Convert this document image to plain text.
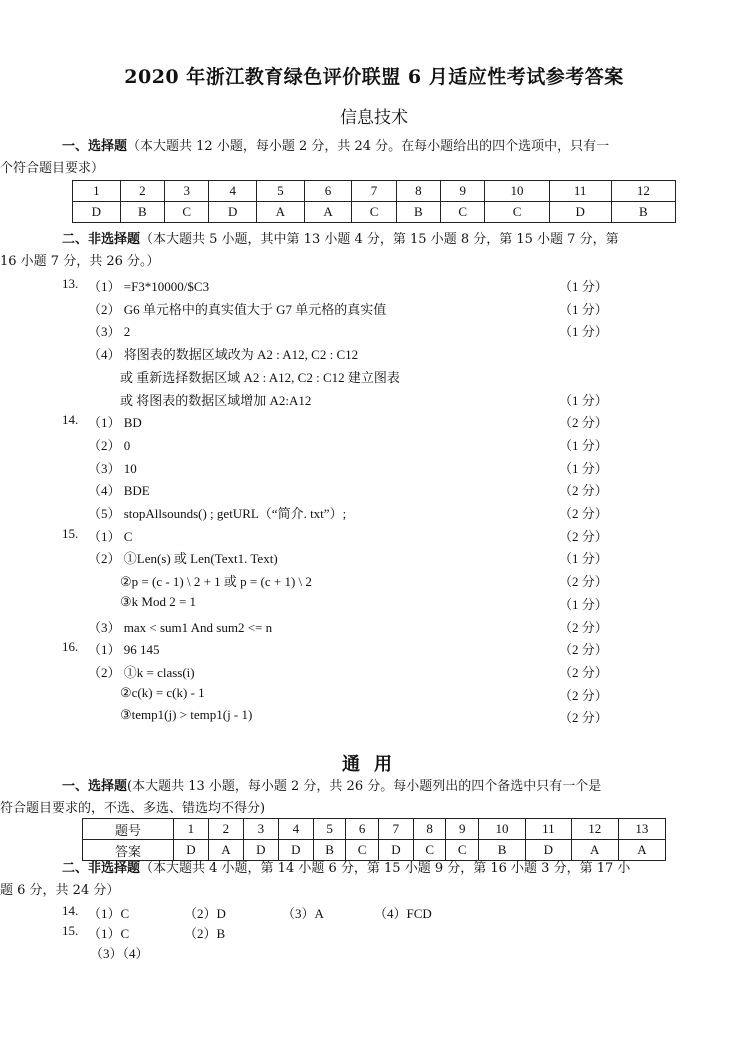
2020 年浙江教育绿色评价联盟 6 月适应性考试参考答案
信息技术
一、选择题（本大题共 12 小题，每小题 2 分，共 24 分。在每小题给出的四个选项中，只有一
个符合题目要求）
1	2	3	4	5	6	7	8	9	10	11	12
D	B	C	D	A	A	C	B	C	C	D	B
二、非选择题（本大题共 5 小题，其中第 13 小题 4 分，第 15 小题 8 分，第 15 小题 7 分，第
16 小题 7 分，共 26 分。）
13. （1） =F3*10000/$C3	（1 分）
（2） G6 单元格中的真实值大于 G7 单元格的真实值	（1 分）
（3） 2	（1 分）
（4） 将图表的数据区域改为 A2 : A12, C2 : C12
或 重新选择数据区域 A2 : A12, C2 : C12 建立图表
或 将图表的数据区域增加 A2:A12	（1 分）
14. （1） BD	（2 分）
（2） 0	（1 分）
（3） 10	（1 分）
（4） BDE	（2 分）
（5） stopAllsounds() ; getURL（“简介. txt”）;	（2 分）
15. （1） C	（2 分）
（2） ①Len(s) 或 Len(Text1. Text)	（1 分）
②p = (c - 1) \ 2 + 1 或 p = (c + 1) \ 2	（2 分）
③k Mod 2 = 1	（1 分）
（3） max < sum1 And sum2 <= n	（2 分）
16. （1） 96 145	（2 分）
（2） ①k = class(i)	（2 分）
②c(k) = c(k) - 1	（2 分）
③temp1(j) > temp1(j - 1)	（2 分）
通用
一、选择题(本大题共 13 小题，每小题 2 分，共 26 分。每小题列出的四个备选中只有一个是
符合题目要求的，不选、多选、错选均不得分)
题号	1	2	3	4	5	6	7	8	9	10	11	12	13
答案	D	A	D	D	B	C	D	C	C	B	D	A	A
二、非选择题（本大题共 4 小题，第 14 小题 6 分，第 15 小题 9 分，第 16 小题 3 分，第 17 小
题 6 分，共 24 分）
14. （1）C	（2）D	（3）A	（4）FCD
15. （1）C	（2）B
（3）（4）
